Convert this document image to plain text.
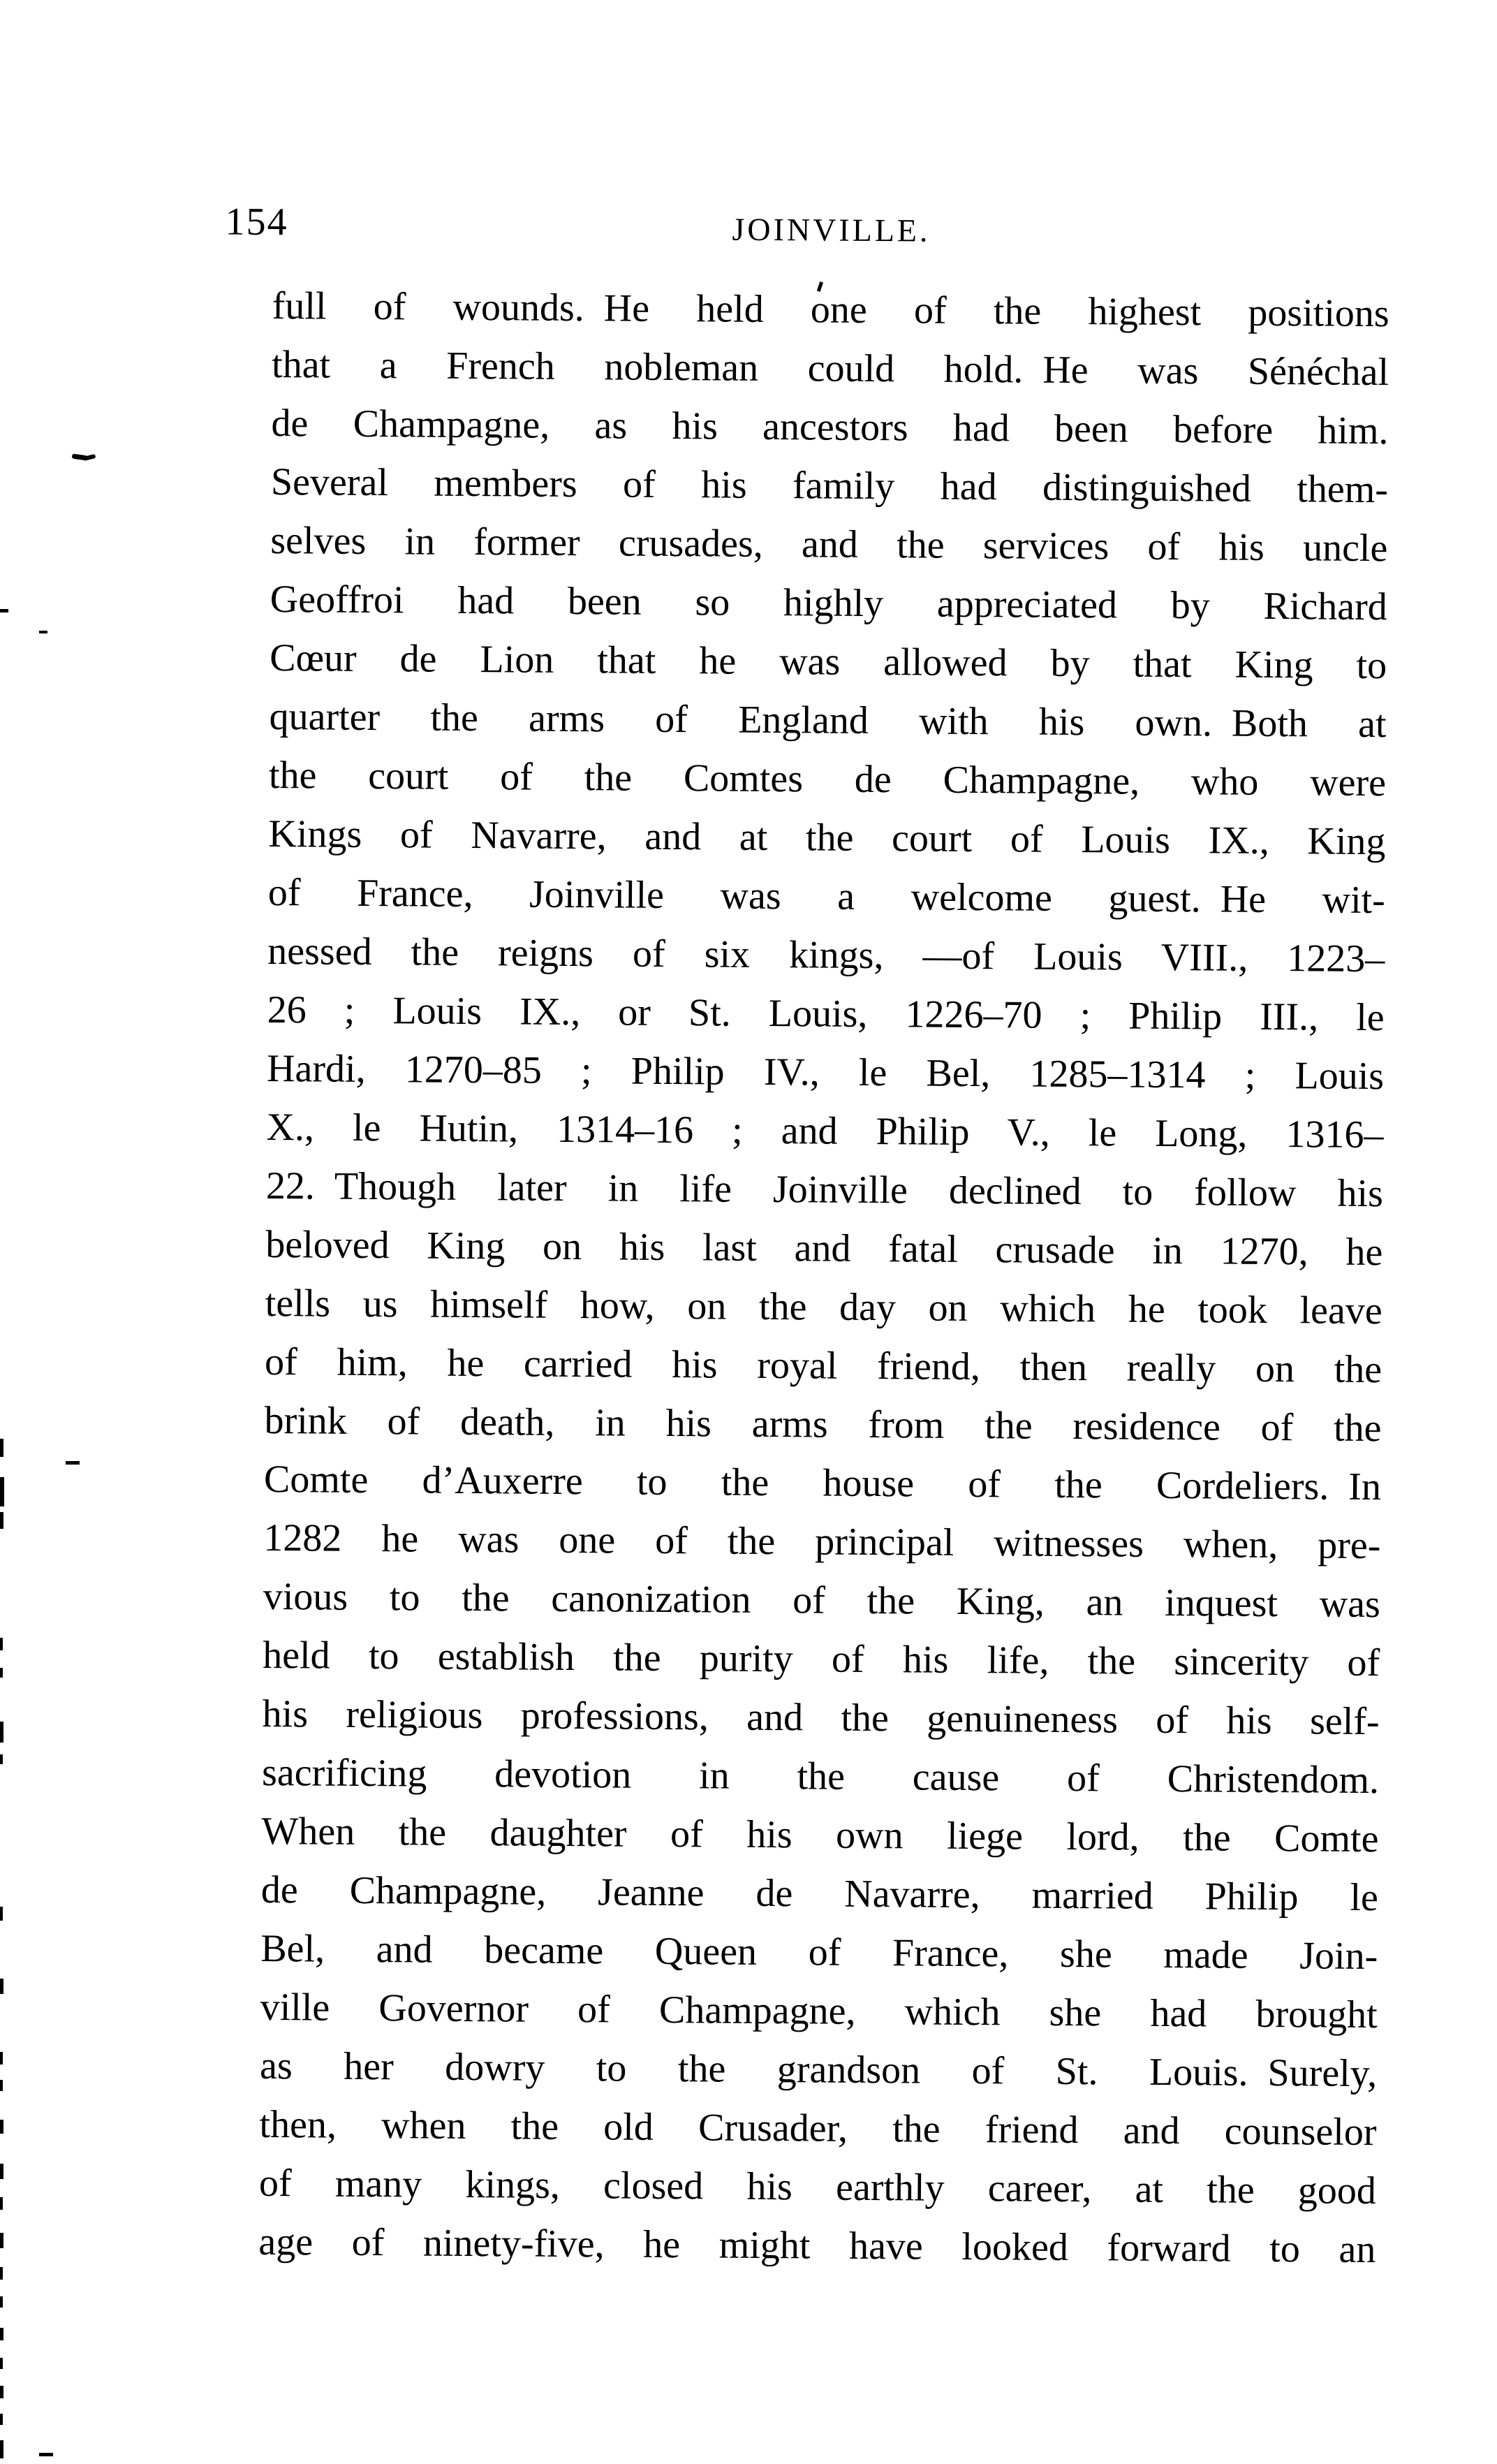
154	JOINVILLE.
full of wounds. He held one of the highest positions
that a French nobleman could hold. He was Sénéchal
de Champagne, as his ancestors had been before him.
Several members of his family had distinguished them-
selves in former crusades, and the services of his uncle
Geoffroi had been so highly appreciated by Richard
Cœur de Lion that he was allowed by that King to
quarter the arms of England with his own. Both at
the court of the Comtes de Champagne, who were
Kings of Navarre, and at the court of Louis IX., King
of France, Joinville was a welcome guest. He wit-
nessed the reigns of six kings, —of Louis VIII., 1223–
26 ; Louis IX., or St. Louis, 1226–70 ; Philip III., le
Hardi, 1270–85 ; Philip IV., le Bel, 1285–1314 ; Louis
X., le Hutin, 1314–16 ; and Philip V., le Long, 1316–
22. Though later in life Joinville declined to follow his
beloved King on his last and fatal crusade in 1270, he
tells us himself how, on the day on which he took leave
of him, he carried his royal friend, then really on the
brink of death, in his arms from the residence of the
Comte d’Auxerre to the house of the Cordeliers. In
1282 he was one of the principal witnesses when, pre-
vious to the canonization of the King, an inquest was
held to establish the purity of his life, the sincerity of
his religious professions, and the genuineness of his self-
sacrificing devotion in the cause of Christendom.
When the daughter of his own liege lord, the Comte
de Champagne, Jeanne de Navarre, married Philip le
Bel, and became Queen of France, she made Join-
ville Governor of Champagne, which she had brought
as her dowry to the grandson of St. Louis. Surely,
then, when the old Crusader, the friend and counselor
of many kings, closed his earthly career, at the good
age of ninety-five, he might have looked forward to an
